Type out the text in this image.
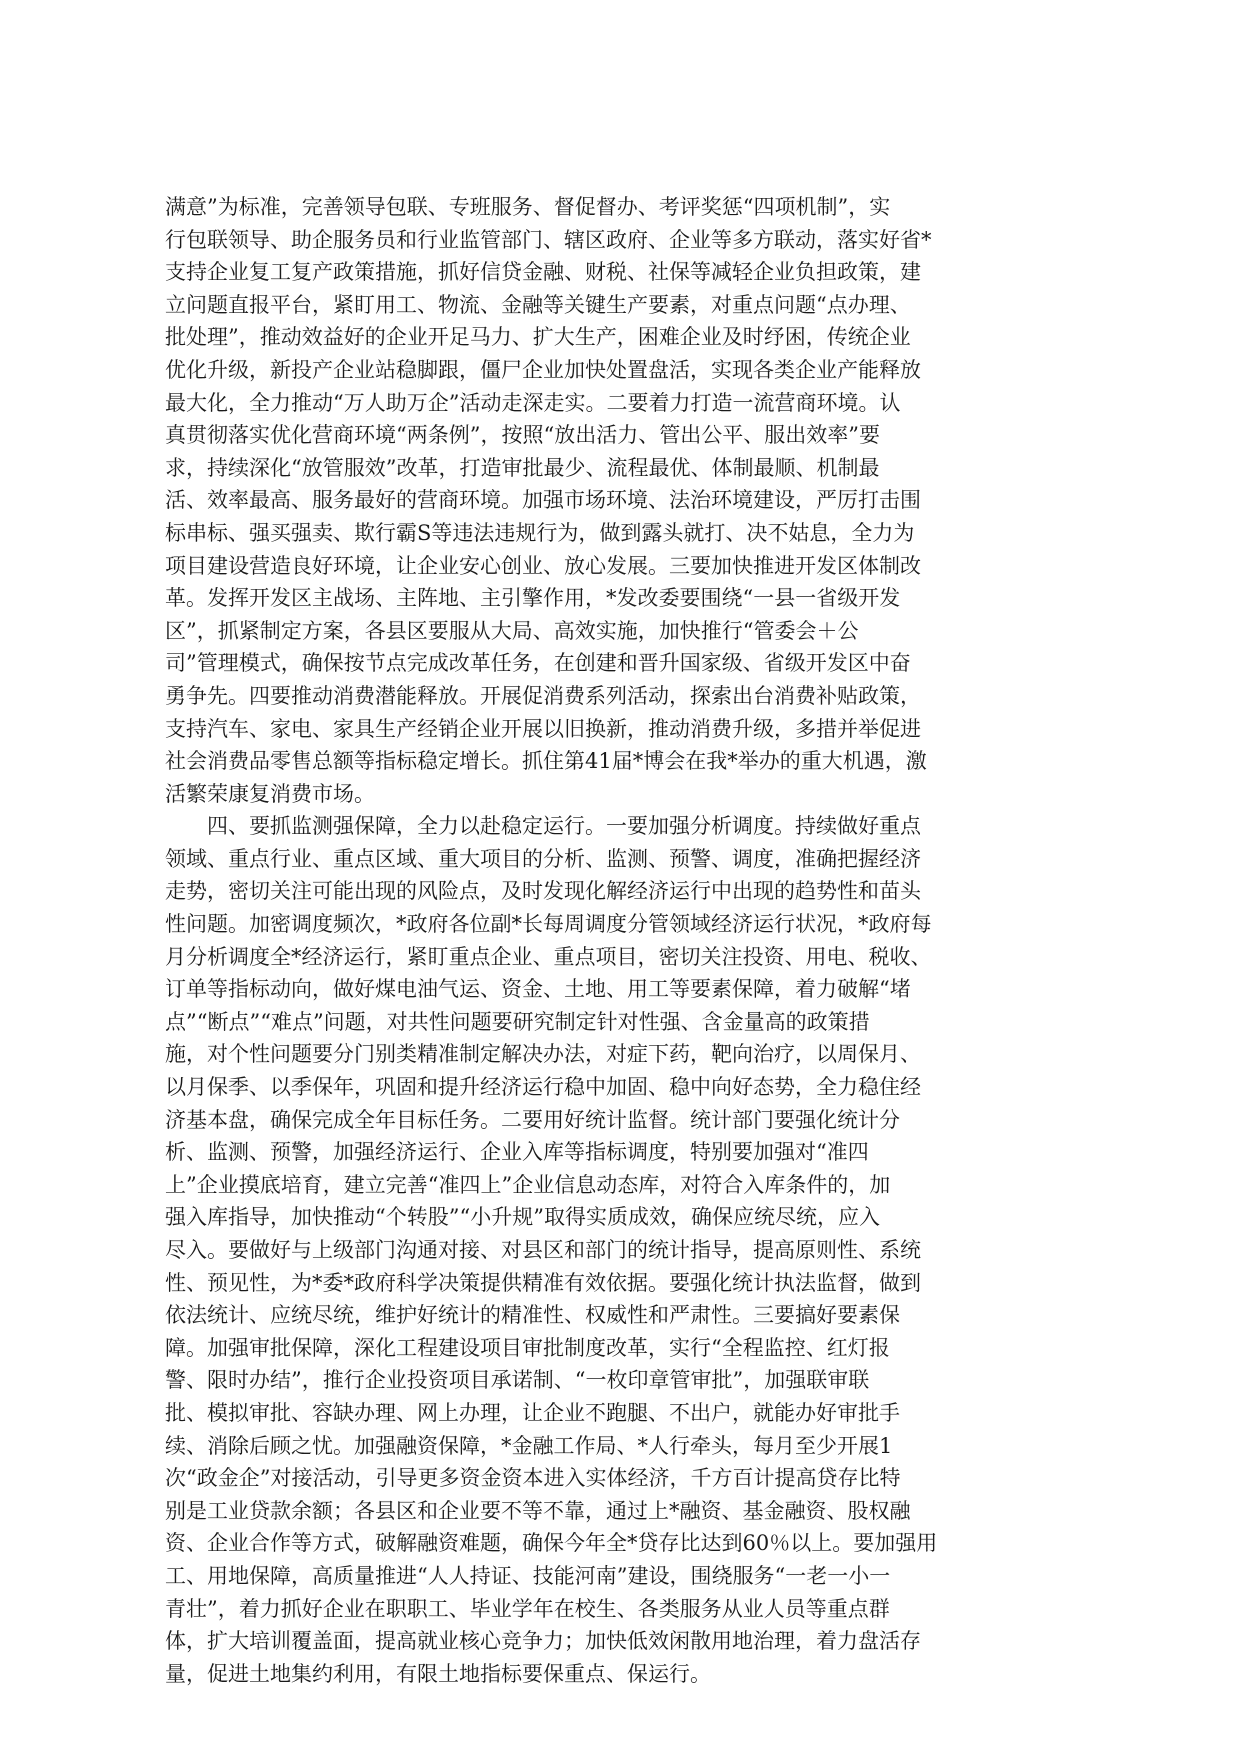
满意”为标准，完善领导包联、专班服务、督促督办、考评奖惩“四项机制”，实
行包联领导、助企服务员和行业监管部门、辖区政府、企业等多方联动，落实好省*
支持企业复工复产政策措施，抓好信贷金融、财税、社保等减轻企业负担政策，建
立问题直报平台，紧盯用工、物流、金融等关键生产要素，对重点问题“点办理、
批处理”，推动效益好的企业开足马力、扩大生产，困难企业及时纾困，传统企业
优化升级，新投产企业站稳脚跟，僵尸企业加快处置盘活，实现各类企业产能释放
最大化，全力推动“万人助万企”活动走深走实。二要着力打造一流营商环境。认
真贯彻落实优化营商环境“两条例”，按照“放出活力、管出公平、服出效率”要
求，持续深化“放管服效”改革，打造审批最少、流程最优、体制最顺、机制最
活、效率最高、服务最好的营商环境。加强市场环境、法治环境建设，严厉打击围
标串标、强买强卖、欺行霸S等违法违规行为，做到露头就打、决不姑息，全力为
项目建设营造良好环境，让企业安心创业、放心发展。三要加快推进开发区体制改
革。发挥开发区主战场、主阵地、主引擎作用，*发改委要围绕“一县一省级开发
区”，抓紧制定方案，各县区要服从大局、高效实施，加快推行“管委会＋公
司”管理模式，确保按节点完成改革任务，在创建和晋升国家级、省级开发区中奋
勇争先。四要推动消费潜能释放。开展促消费系列活动，探索出台消费补贴政策，
支持汽车、家电、家具生产经销企业开展以旧换新，推动消费升级，多措并举促进
社会消费品零售总额等指标稳定增长。抓住第41届*博会在我*举办的重大机遇，激
活繁荣康复消费市场。
　　四、要抓监测强保障，全力以赴稳定运行。一要加强分析调度。持续做好重点
领域、重点行业、重点区域、重大项目的分析、监测、预警、调度，准确把握经济
走势，密切关注可能出现的风险点，及时发现化解经济运行中出现的趋势性和苗头
性问题。加密调度频次，*政府各位副*长每周调度分管领域经济运行状况，*政府每
月分析调度全*经济运行，紧盯重点企业、重点项目，密切关注投资、用电、税收、
订单等指标动向，做好煤电油气运、资金、土地、用工等要素保障，着力破解“堵
点”“断点”“难点”问题，对共性问题要研究制定针对性强、含金量高的政策措
施，对个性问题要分门别类精准制定解决办法，对症下药，靶向治疗，以周保月、
以月保季、以季保年，巩固和提升经济运行稳中加固、稳中向好态势，全力稳住经
济基本盘，确保完成全年目标任务。二要用好统计监督。统计部门要强化统计分
析、监测、预警，加强经济运行、企业入库等指标调度，特别要加强对“准四
上”企业摸底培育，建立完善“准四上”企业信息动态库，对符合入库条件的，加
强入库指导，加快推动“个转股”“小升规”取得实质成效，确保应统尽统，应入
尽入。要做好与上级部门沟通对接、对县区和部门的统计指导，提高原则性、系统
性、预见性，为*委*政府科学决策提供精准有效依据。要强化统计执法监督，做到
依法统计、应统尽统，维护好统计的精准性、权威性和严肃性。三要搞好要素保
障。加强审批保障，深化工程建设项目审批制度改革，实行“全程监控、红灯报
警、限时办结”，推行企业投资项目承诺制、“一枚印章管审批”，加强联审联
批、模拟审批、容缺办理、网上办理，让企业不跑腿、不出户，就能办好审批手
续、消除后顾之忧。加强融资保障，*金融工作局、*人行牵头，每月至少开展1
次“政金企”对接活动，引导更多资金资本进入实体经济，千方百计提高贷存比特
别是工业贷款余额；各县区和企业要不等不靠，通过上*融资、基金融资、股权融
资、企业合作等方式，破解融资难题，确保今年全*贷存比达到60％以上。要加强用
工、用地保障，高质量推进“人人持证、技能河南”建设，围绕服务“一老一小一
青壮”，着力抓好企业在职职工、毕业学年在校生、各类服务从业人员等重点群
体，扩大培训覆盖面，提高就业核心竞争力；加快低效闲散用地治理，着力盘活存
量，促进土地集约利用，有限土地指标要保重点、保运行。
